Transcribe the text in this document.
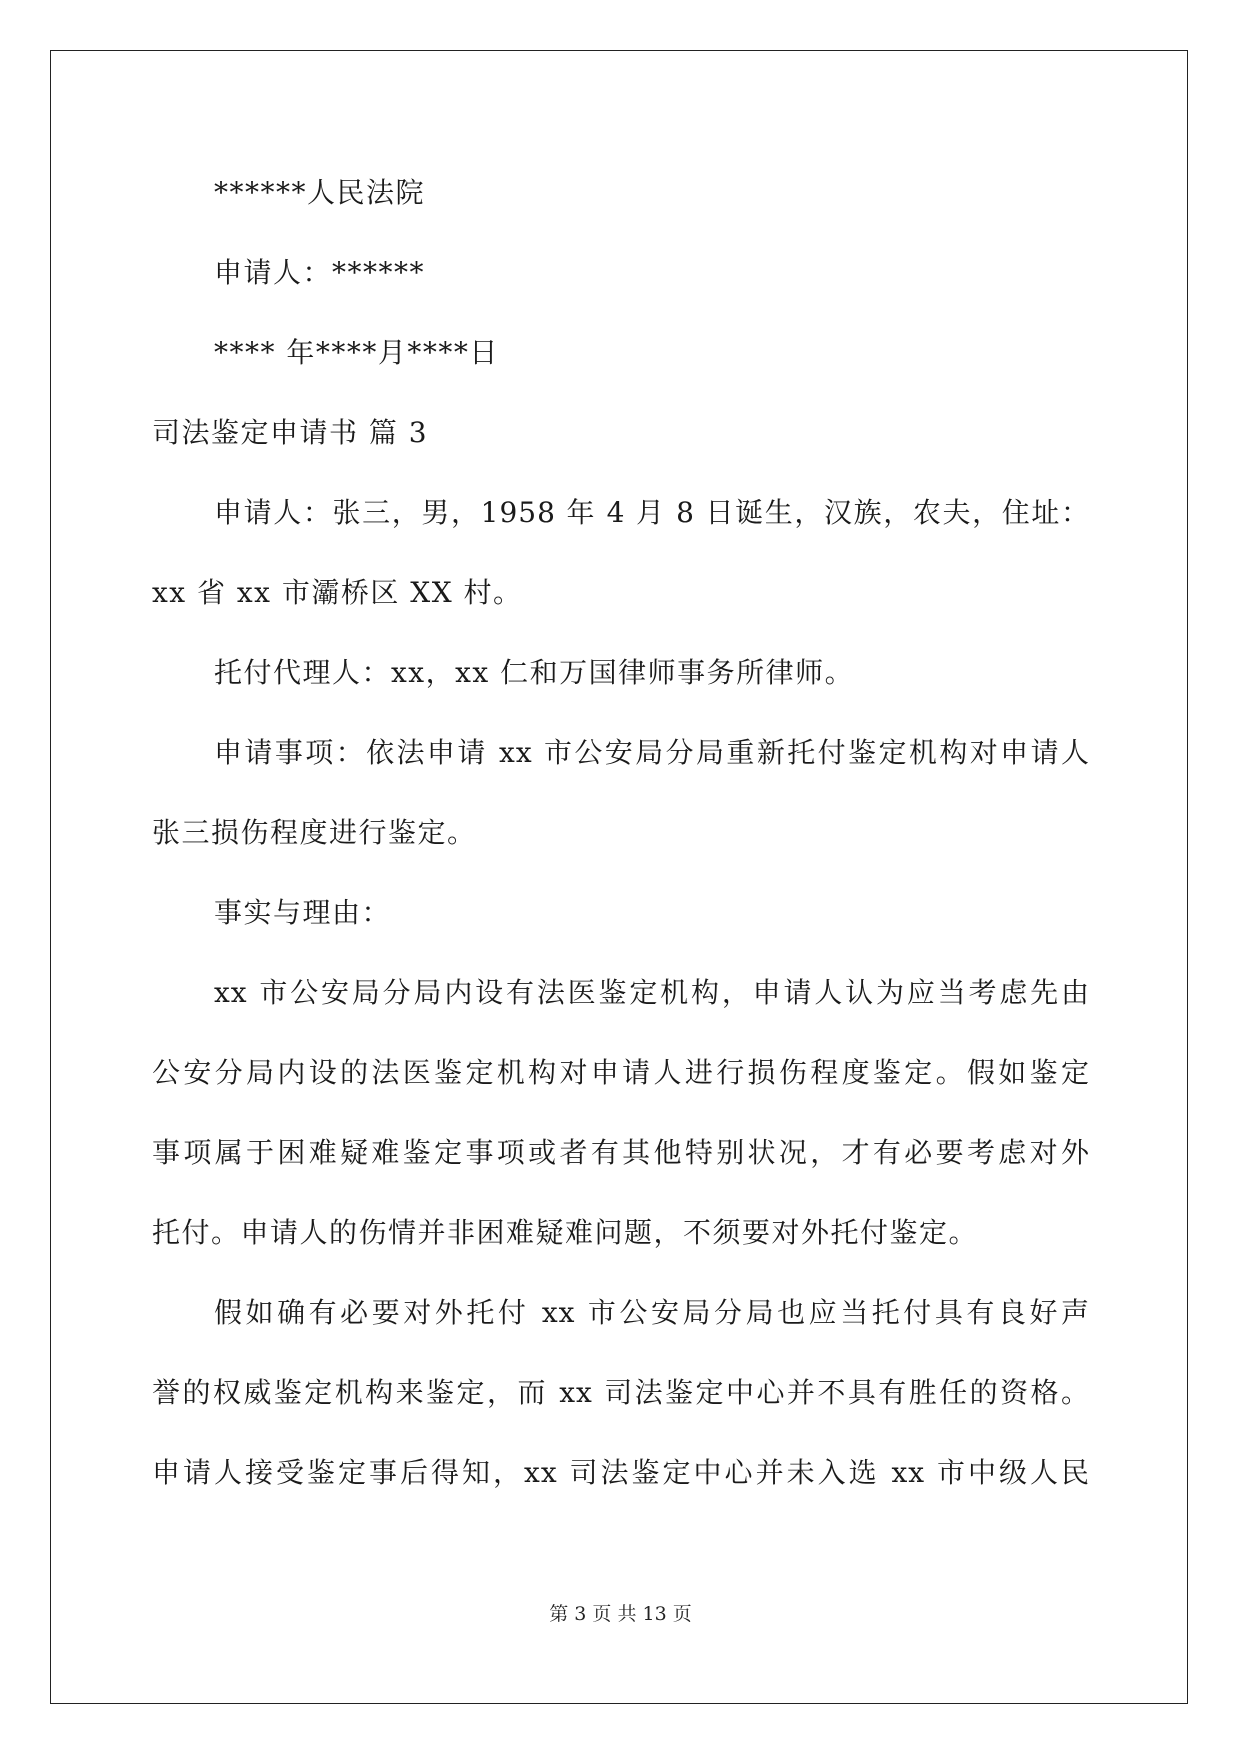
******人民法院
申请人：******
**** 年****月****日
司法鉴定申请书 篇 3
申请人：张三，男，1958 年 4 月 8 日诞生，汉族，农夫，住址：
xx 省 xx 市灞桥区 XX 村。
托付代理人：xx，xx 仁和万国律师事务所律师。
申请事项：依法申请 xx 市公安局分局重新托付鉴定机构对申请人
张三损伤程度进行鉴定。
事实与理由：
xx 市公安局分局内设有法医鉴定机构，申请人认为应当考虑先由
公安分局内设的法医鉴定机构对申请人进行损伤程度鉴定。假如鉴定
事项属于困难疑难鉴定事项或者有其他特别状况，才有必要考虑对外
托付。申请人的伤情并非困难疑难问题，不须要对外托付鉴定。
假如确有必要对外托付 xx 市公安局分局也应当托付具有良好声
誉的权威鉴定机构来鉴定，而 xx 司法鉴定中心并不具有胜任的资格。
申请人接受鉴定事后得知，xx 司法鉴定中心并未入选 xx 市中级人民
第 3 页 共 13 页
